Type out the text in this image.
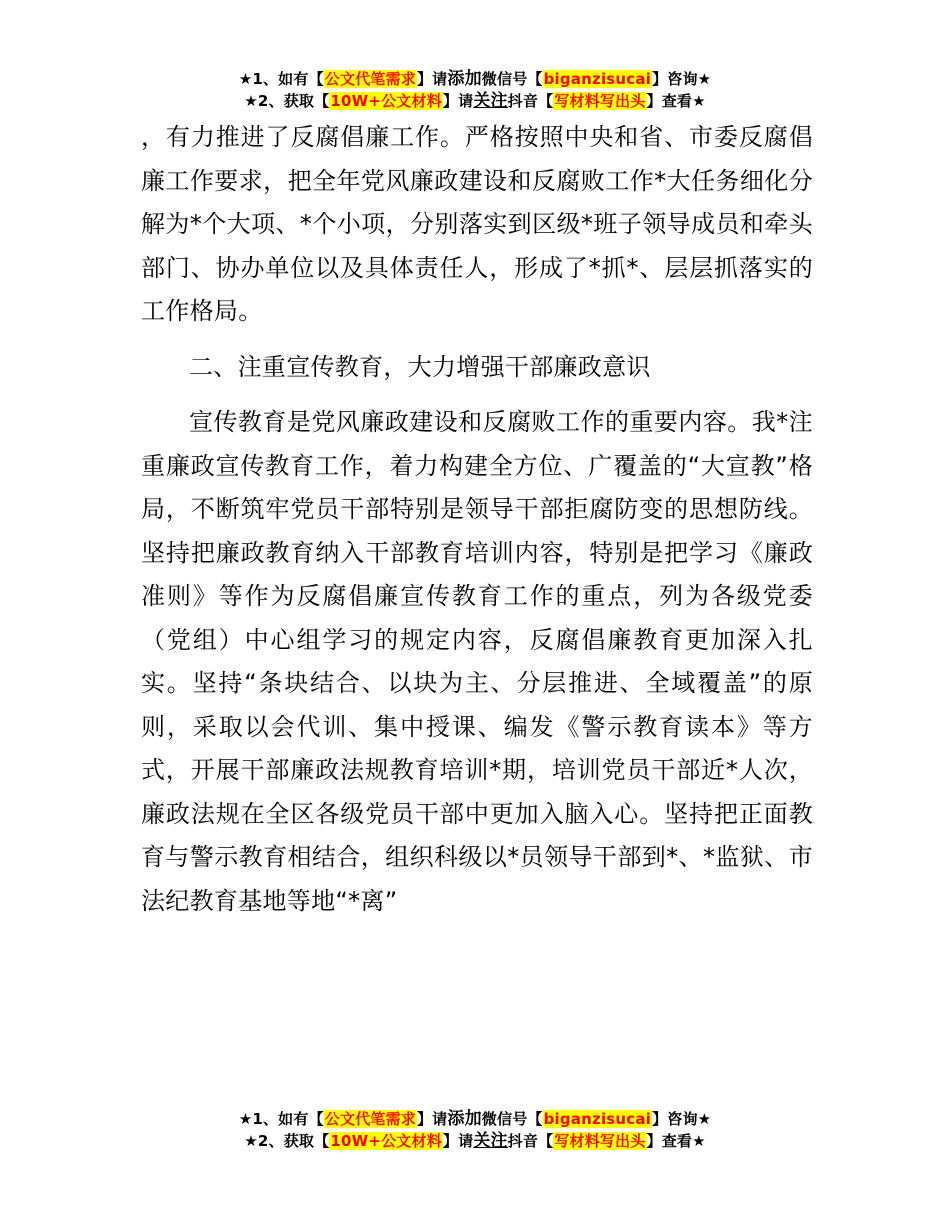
★1、如有【公文代笔需求】请添加微信号【biganzisucai】咨询★
★2、获取【10W+公文材料】请关注抖音【写材料写出头】查看★

，有力推进了反腐倡廉工作。严格按照中央和省、市委反腐倡廉工作要求，把全年党风廉政建设和反腐败工作*大任务细化分解为*个大项、*个小项，分别落实到区级*班子领导成员和牵头部门、协办单位以及具体责任人，形成了*抓*、层层抓落实的工作格局。

二、注重宣传教育，大力增强干部廉政意识

宣传教育是党风廉政建设和反腐败工作的重要内容。我*注重廉政宣传教育工作，着力构建全方位、广覆盖的“大宣教”格局，不断筑牢党员干部特别是领导干部拒腐防变的思想防线。坚持把廉政教育纳入干部教育培训内容，特别是把学习《廉政准则》等作为反腐倡廉宣传教育工作的重点，列为各级党委（党组）中心组学习的规定内容，反腐倡廉教育更加深入扎实。坚持“条块结合、以块为主、分层推进、全域覆盖”的原则，采取以会代训、集中授课、编发《警示教育读本》等方式，开展干部廉政法规教育培训*期，培训党员干部近*人次，廉政法规在全区各级党员干部中更加入脑入心。坚持把正面教育与警示教育相结合，组织科级以*员领导干部到*、*监狱、市法纪教育基地等地“*离”

★1、如有【公文代笔需求】请添加微信号【biganzisucai】咨询★
★2、获取【10W+公文材料】请关注抖音【写材料写出头】查看★
